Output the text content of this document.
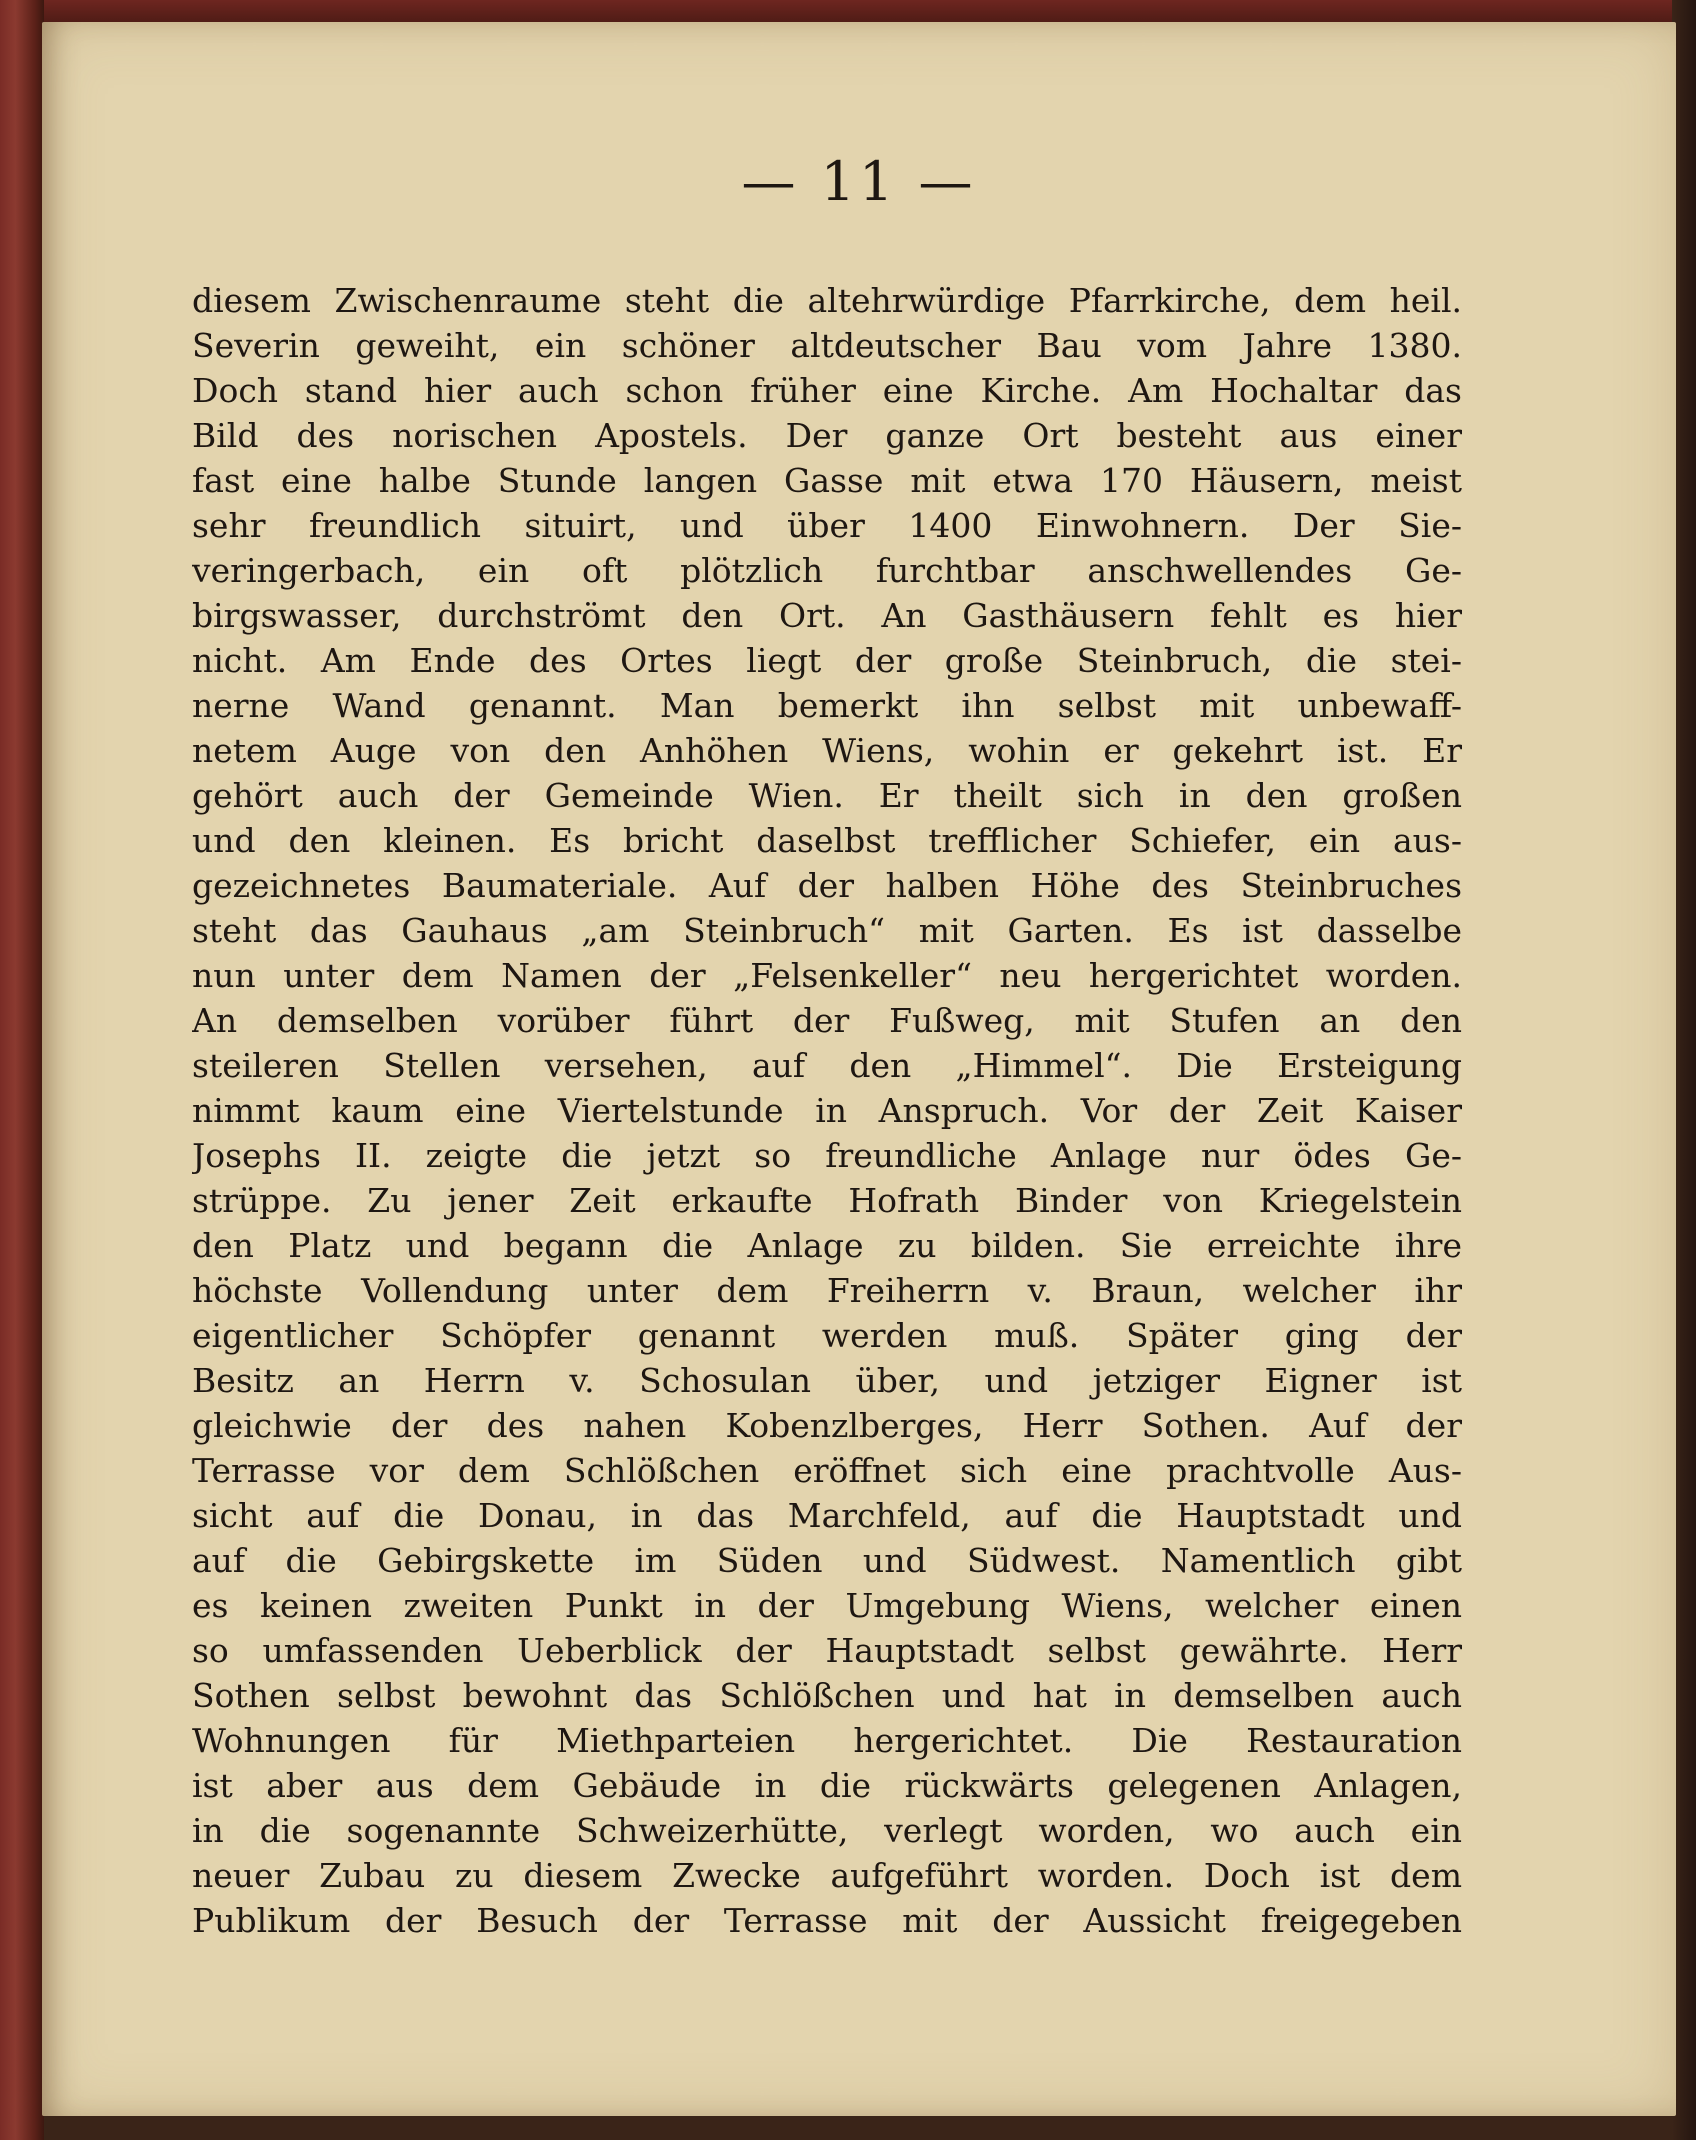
— 11 —
diesem Zwischenraume steht die altehrwürdige Pfarrkirche, dem heil.
Severin geweiht, ein schöner altdeutscher Bau vom Jahre 1380.
Doch stand hier auch schon früher eine Kirche. Am Hochaltar das
Bild des norischen Apostels. Der ganze Ort besteht aus einer
fast eine halbe Stunde langen Gasse mit etwa 170 Häusern, meist
sehr freundlich situirt, und über 1400 Einwohnern. Der Sie-
veringerbach, ein oft plötzlich furchtbar anschwellendes Ge-
birgswasser, durchströmt den Ort. An Gasthäusern fehlt es hier
nicht. Am Ende des Ortes liegt der große Steinbruch, die stei-
nerne Wand genannt. Man bemerkt ihn selbst mit unbewaff-
netem Auge von den Anhöhen Wiens, wohin er gekehrt ist. Er
gehört auch der Gemeinde Wien. Er theilt sich in den großen
und den kleinen. Es bricht daselbst trefflicher Schiefer, ein aus-
gezeichnetes Baumateriale. Auf der halben Höhe des Steinbruches
steht das Gauhaus „am Steinbruch“ mit Garten. Es ist dasselbe
nun unter dem Namen der „Felsenkeller“ neu hergerichtet worden.
An demselben vorüber führt der Fußweg, mit Stufen an den
steileren Stellen versehen, auf den „Himmel“. Die Ersteigung
nimmt kaum eine Viertelstunde in Anspruch. Vor der Zeit Kaiser
Josephs II. zeigte die jetzt so freundliche Anlage nur ödes Ge-
strüppe. Zu jener Zeit erkaufte Hofrath Binder von Kriegelstein
den Platz und begann die Anlage zu bilden. Sie erreichte ihre
höchste Vollendung unter dem Freiherrn v. Braun, welcher ihr
eigentlicher Schöpfer genannt werden muß. Später ging der
Besitz an Herrn v. Schosulan über, und jetziger Eigner ist
gleichwie der des nahen Kobenzlberges, Herr Sothen. Auf der
Terrasse vor dem Schlößchen eröffnet sich eine prachtvolle Aus-
sicht auf die Donau, in das Marchfeld, auf die Hauptstadt und
auf die Gebirgskette im Süden und Südwest. Namentlich gibt
es keinen zweiten Punkt in der Umgebung Wiens, welcher einen
so umfassenden Ueberblick der Hauptstadt selbst gewährte. Herr
Sothen selbst bewohnt das Schlößchen und hat in demselben auch
Wohnungen für Miethparteien hergerichtet. Die Restauration
ist aber aus dem Gebäude in die rückwärts gelegenen Anlagen,
in die sogenannte Schweizerhütte, verlegt worden, wo auch ein
neuer Zubau zu diesem Zwecke aufgeführt worden. Doch ist dem
Publikum der Besuch der Terrasse mit der Aussicht freigegeben
